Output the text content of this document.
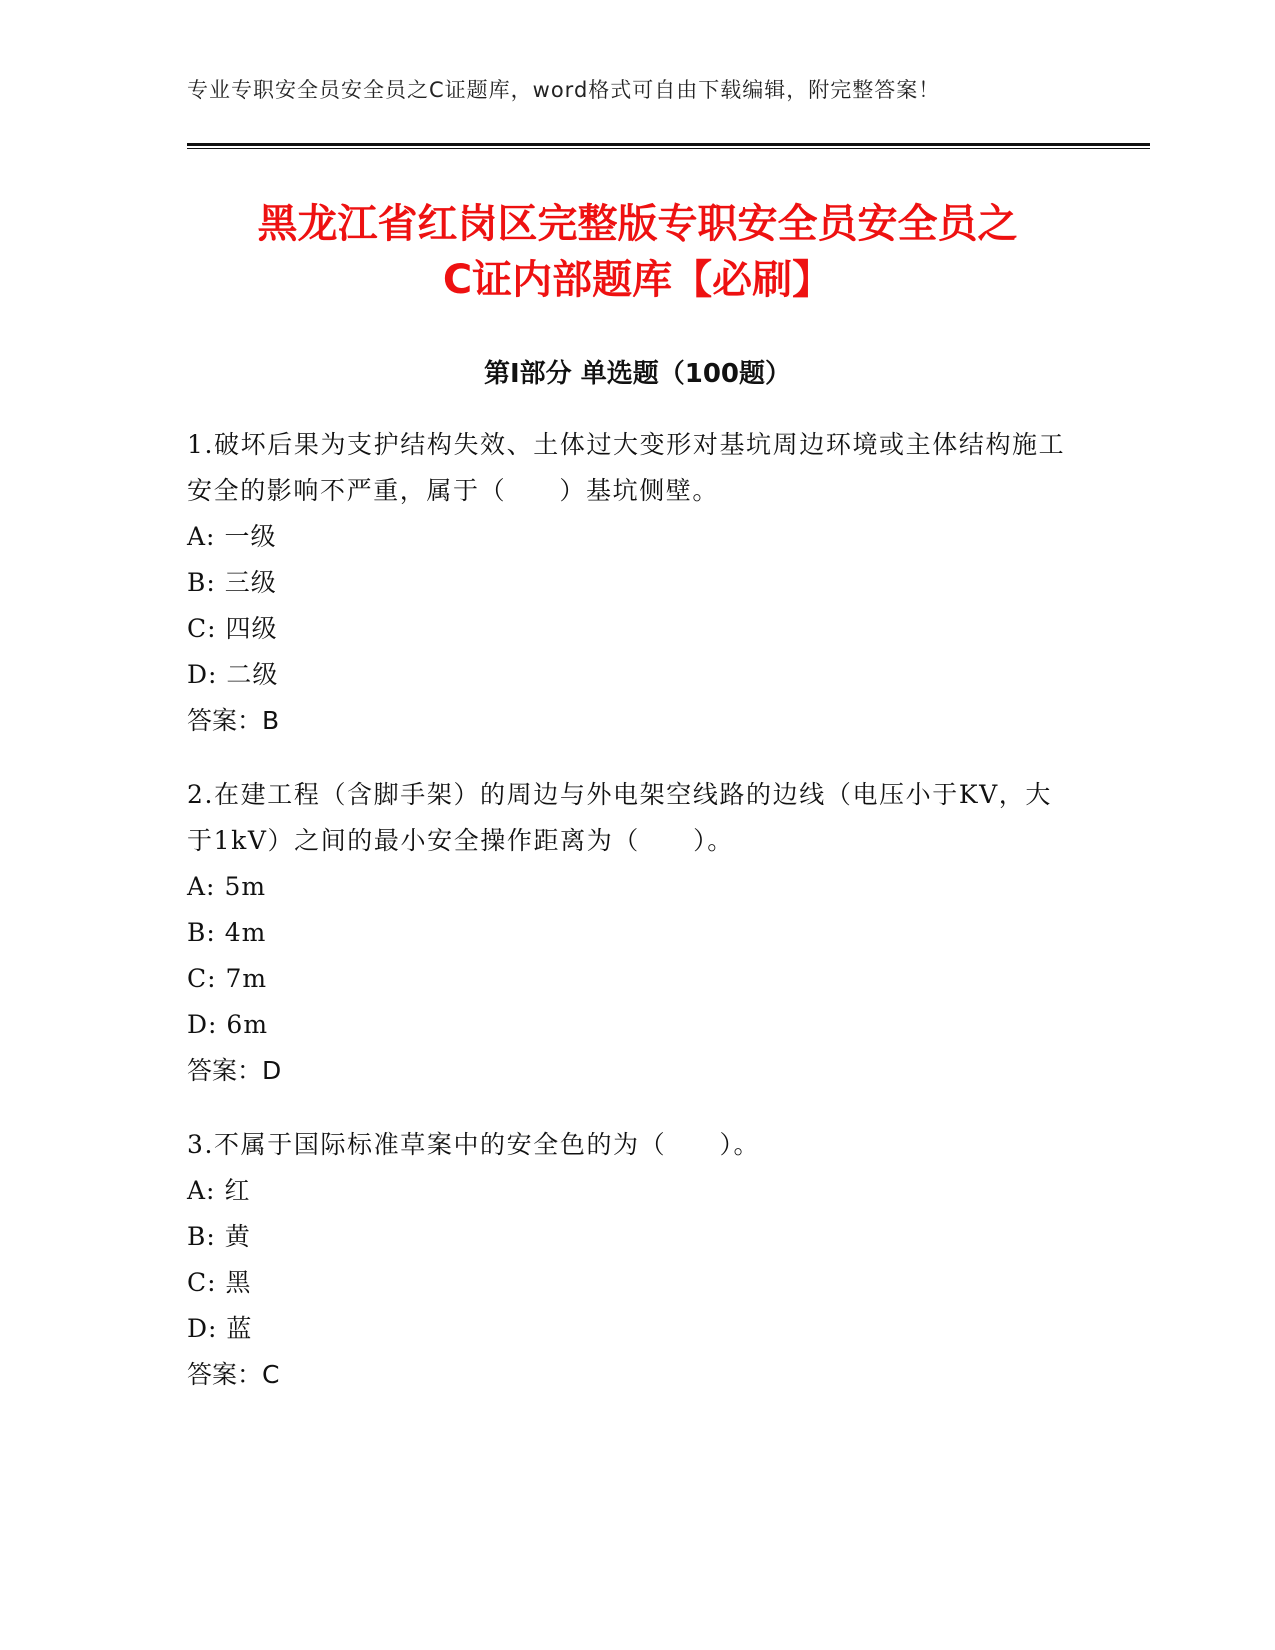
专业专职安全员安全员之C证题库，word格式可自由下载编辑，附完整答案！
黑龙江省红岗区完整版专职安全员安全员之
C证内部题库【必刷】
第Ⅰ部分 单选题（100题）

1.破坏后果为支护结构失效、土体过大变形对基坑周边环境或主体结构施工安全的影响不严重，属于（　　）基坑侧壁。

A: 一级

B: 三级

C: 四级

D: 二级

答案：B

2.在建工程（含脚手架）的周边与外电架空线路的边线（电压小于KV，大于1kV）之间的最小安全操作距离为（　　）。

A: 5m

B: 4m

C: 7m

D: 6m

答案：D

3.不属于国际标准草案中的安全色的为（　　）。

A: 红

B: 黄

C: 黑

D: 蓝

答案：C
